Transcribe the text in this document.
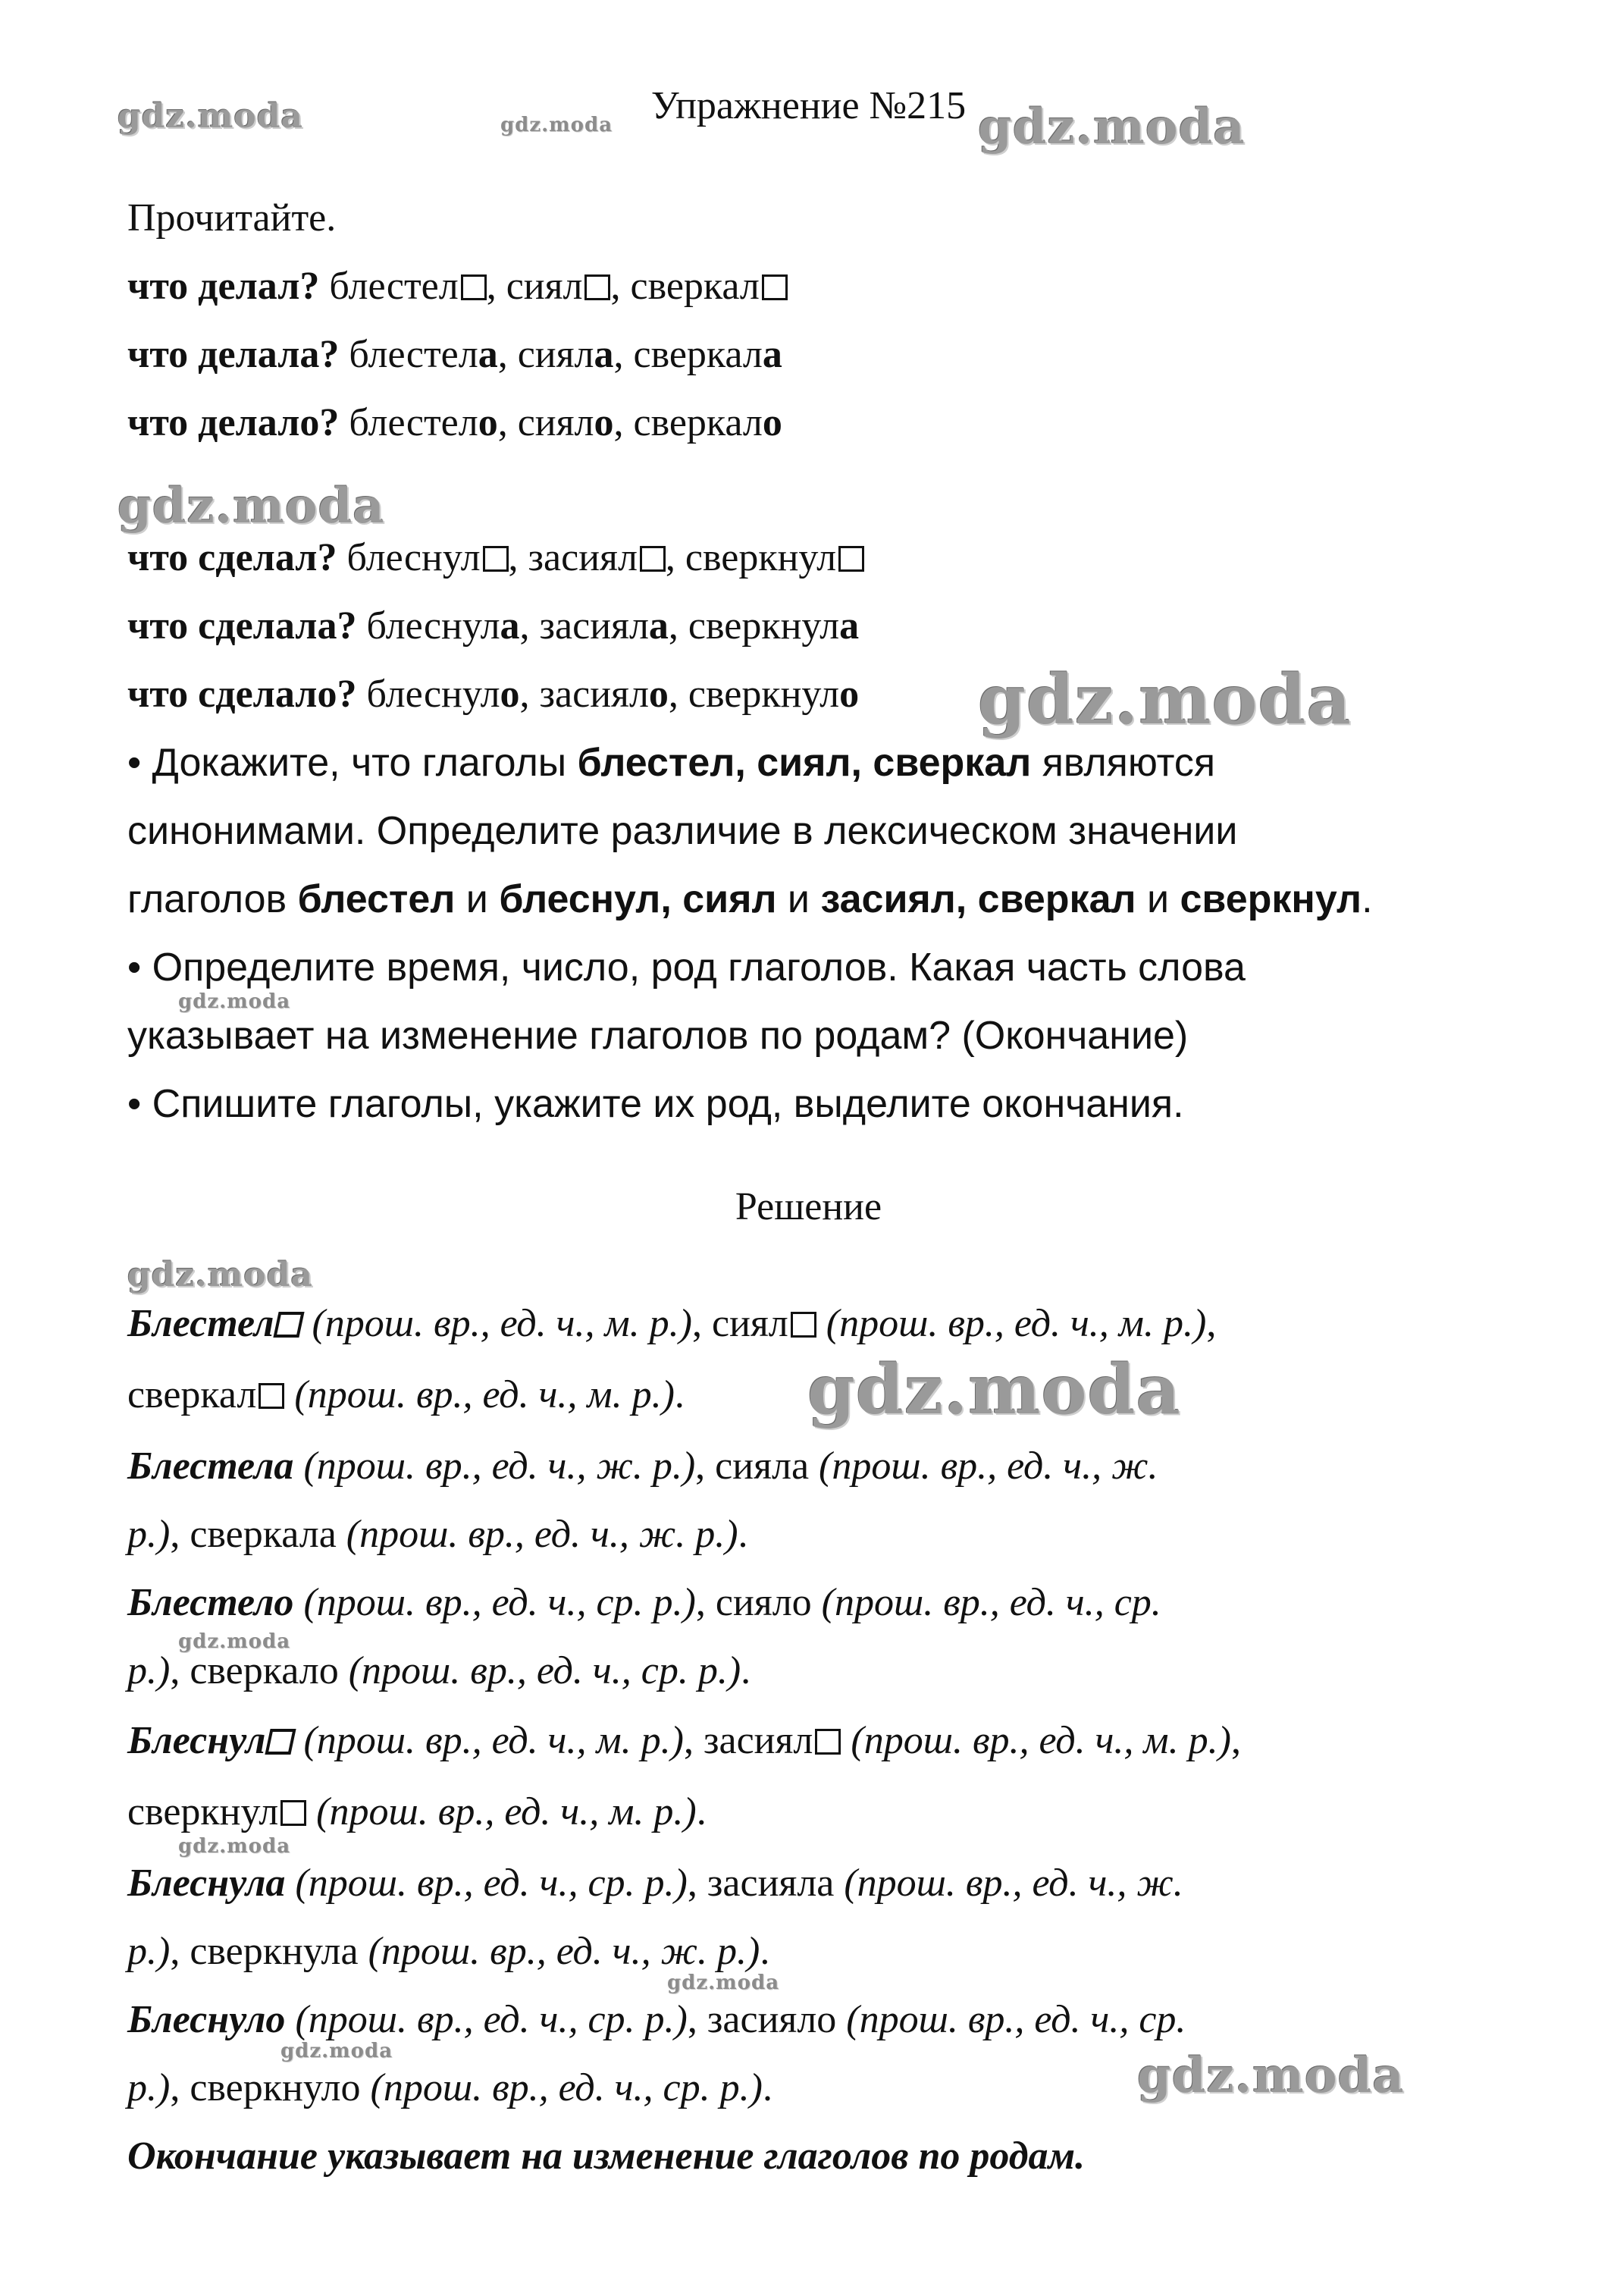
Упражнение №215
Прочитайте.
что делал? блестел , сиял , сверкал
что делала? блестела, сияла, сверкала
что делало? блестело, сияло, сверкало
что сделал? блеснул , засиял , сверкнул
что сделала? блеснула, засияла, сверкнула
что сделало? блеснуло, засияло, сверкнуло
• Докажите, что глаголы блестел, сиял, сверкал являются
синонимами. Определите различие в лексическом значении
глаголов блестел и блеснул, сиял и засиял, сверкал и сверкнул.
• Определите время, число, род глаголов. Какая часть слова
указывает на изменение глаголов по родам? (Окончание)
• Спишите глаголы, укажите их род, выделите окончания.
Решение
Блестел (прош. вр., ед. ч., м. р.), сиял (прош. вр., ед. ч., м. р.),
сверкал (прош. вр., ед. ч., м. р.).
Блестела (прош. вр., ед. ч., ж. р.), сияла (прош. вр., ед. ч., ж.
р.), сверкала (прош. вр., ед. ч., ж. р.).
Блестело (прош. вр., ед. ч., ср. р.), сияло (прош. вр., ед. ч., ср.
р.), сверкало (прош. вр., ед. ч., ср. р.).
Блеснул (прош. вр., ед. ч., м. р.), засиял (прош. вр., ед. ч., м. р.),
сверкнул (прош. вр., ед. ч., м. р.).
Блеснула (прош. вр., ед. ч., ср. р.), засияла (прош. вр., ед. ч., ж.
р.), сверкнула (прош. вр., ед. ч., ж. р.).
Блеснуло (прош. вр., ед. ч., ср. р.), засияло (прош. вр., ед. ч., ср.
р.), сверкнуло (прош. вр., ед. ч., ср. р.).
Окончание указывает на изменение глаголов по родам.
gdz.moda	gdz.moda	gdz.moda
gdz.moda
gdz.moda
gdz.moda
gdz.moda
gdz.moda
gdz.moda
gdz.moda
gdz.moda
gdz.moda	gdz.moda
